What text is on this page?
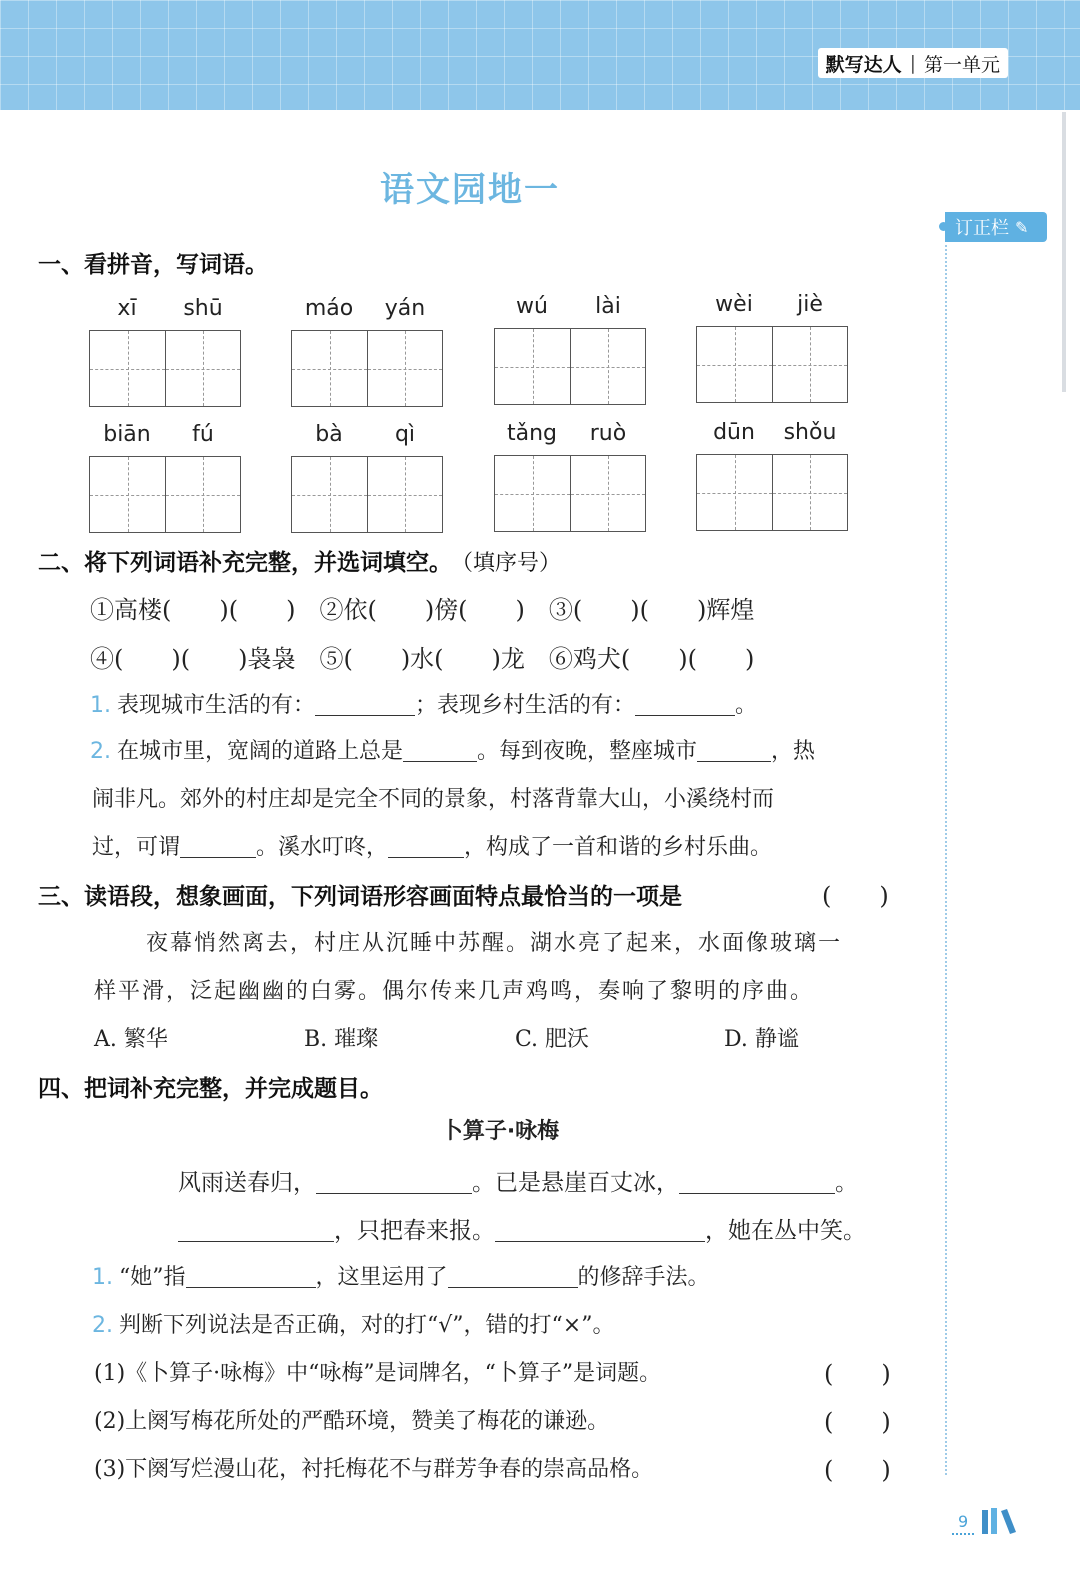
默写达人 | 第一单元
语文园地一
订正栏 ✎
一、看拼音，写词语。
xī	shū	máo	yán	wú	lài	wèi	jiè
biān	fú	bà	qì	tǎng	ruò	dūn	shǒu
二、将下列词语补充完整，并选词填空。 （填序号）
①高楼(　　)(　　)　②依(　　)傍(　　)　③(　　)(　　)辉煌
④(　　)(　　)袅袅　⑤(　　)水(　　)龙　⑥鸡犬(　　)(　　)
1. 表现城市生活的有：	；表现乡村生活的有：	。
2. 在城市里，宽阔的道路上总是	。每到夜晚，整座城市	，热
闹非凡。郊外的村庄却是完全不同的景象，村落背靠大山，小溪绕村而
过，可谓	。溪水叮咚，	，构成了一首和谐的乡村乐曲。
三、读语段，想象画面，下列词语形容画面特点最恰当的一项是	(　　)
夜幕悄然离去，村庄从沉睡中苏醒。湖水亮了起来，水面像玻璃一
样平滑，泛起幽幽的白雾。偶尔传来几声鸡鸣，奏响了黎明的序曲。
A. 繁华	B. 璀璨	C. 肥沃	D. 静谧
四、把词补充完整，并完成题目。
卜算子·咏梅
风雨送春归，	。已是悬崖百丈冰，	。
，只把春来报。	，她在丛中笑。
1. “她”指	，这里运用了	的修辞手法。
2. 判断下列说法是否正确，对的打“√”，错的打“×”。
(1)《卜算子·咏梅》中“咏梅”是词牌名，“卜算子”是词题。	(　　)
(2)上阕写梅花所处的严酷环境，赞美了梅花的谦逊。	(　　)
(3)下阕写烂漫山花，衬托梅花不与群芳争春的崇高品格。	(　　)
9
